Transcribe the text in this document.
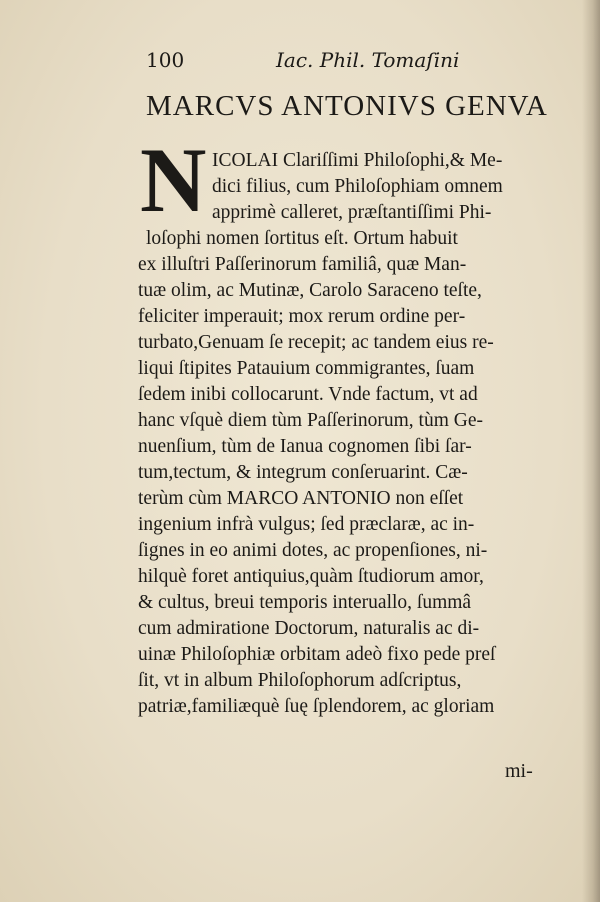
100	Iac. Phil. Tomaſini
MARCVS ANTONIVS GENVA
N ICOLAI Clariſſimi Philoſophi,& Me-
dici filius, cum Philoſophiam omnem
apprimè calleret, præſtantiſſimi Phi-
loſophi nomen ſortitus eſt. Ortum habuit
ex illuſtri Paſſerinorum familiâ, quæ Man-
tuæ olim, ac Mutinæ, Carolo Saraceno teſte,
feliciter imperauit; mox rerum ordine per-
turbato,Genuam ſe recepit; ac tandem eius re-
liqui ſtipites Patauium commigrantes, ſuam
ſedem inibi collocarunt. Vnde factum, vt ad
hanc vſquè diem tùm Paſſerinorum, tùm Ge-
nuenſium, tùm de Ianua cognomen ſibi ſar-
tum,tectum, & integrum conſeruarint. Cæ-
terùm cùm MARCO ANTONIO non eſſet
ingenium infrà vulgus; ſed præclaræ, ac in-
ſignes in eo animi dotes, ac propenſiones, ni-
hilquè foret antiquius,quàm ſtudiorum amor,
& cultus, breui temporis interuallo, ſummâ
cum admiratione Doctorum, naturalis ac di-
uinæ Philoſophiæ orbitam adeò fixo pede preſ
ſit, vt in album Philoſophorum adſcriptus,
patriæ,familiæquè ſuę ſplendorem, ac gloriam
mi-
